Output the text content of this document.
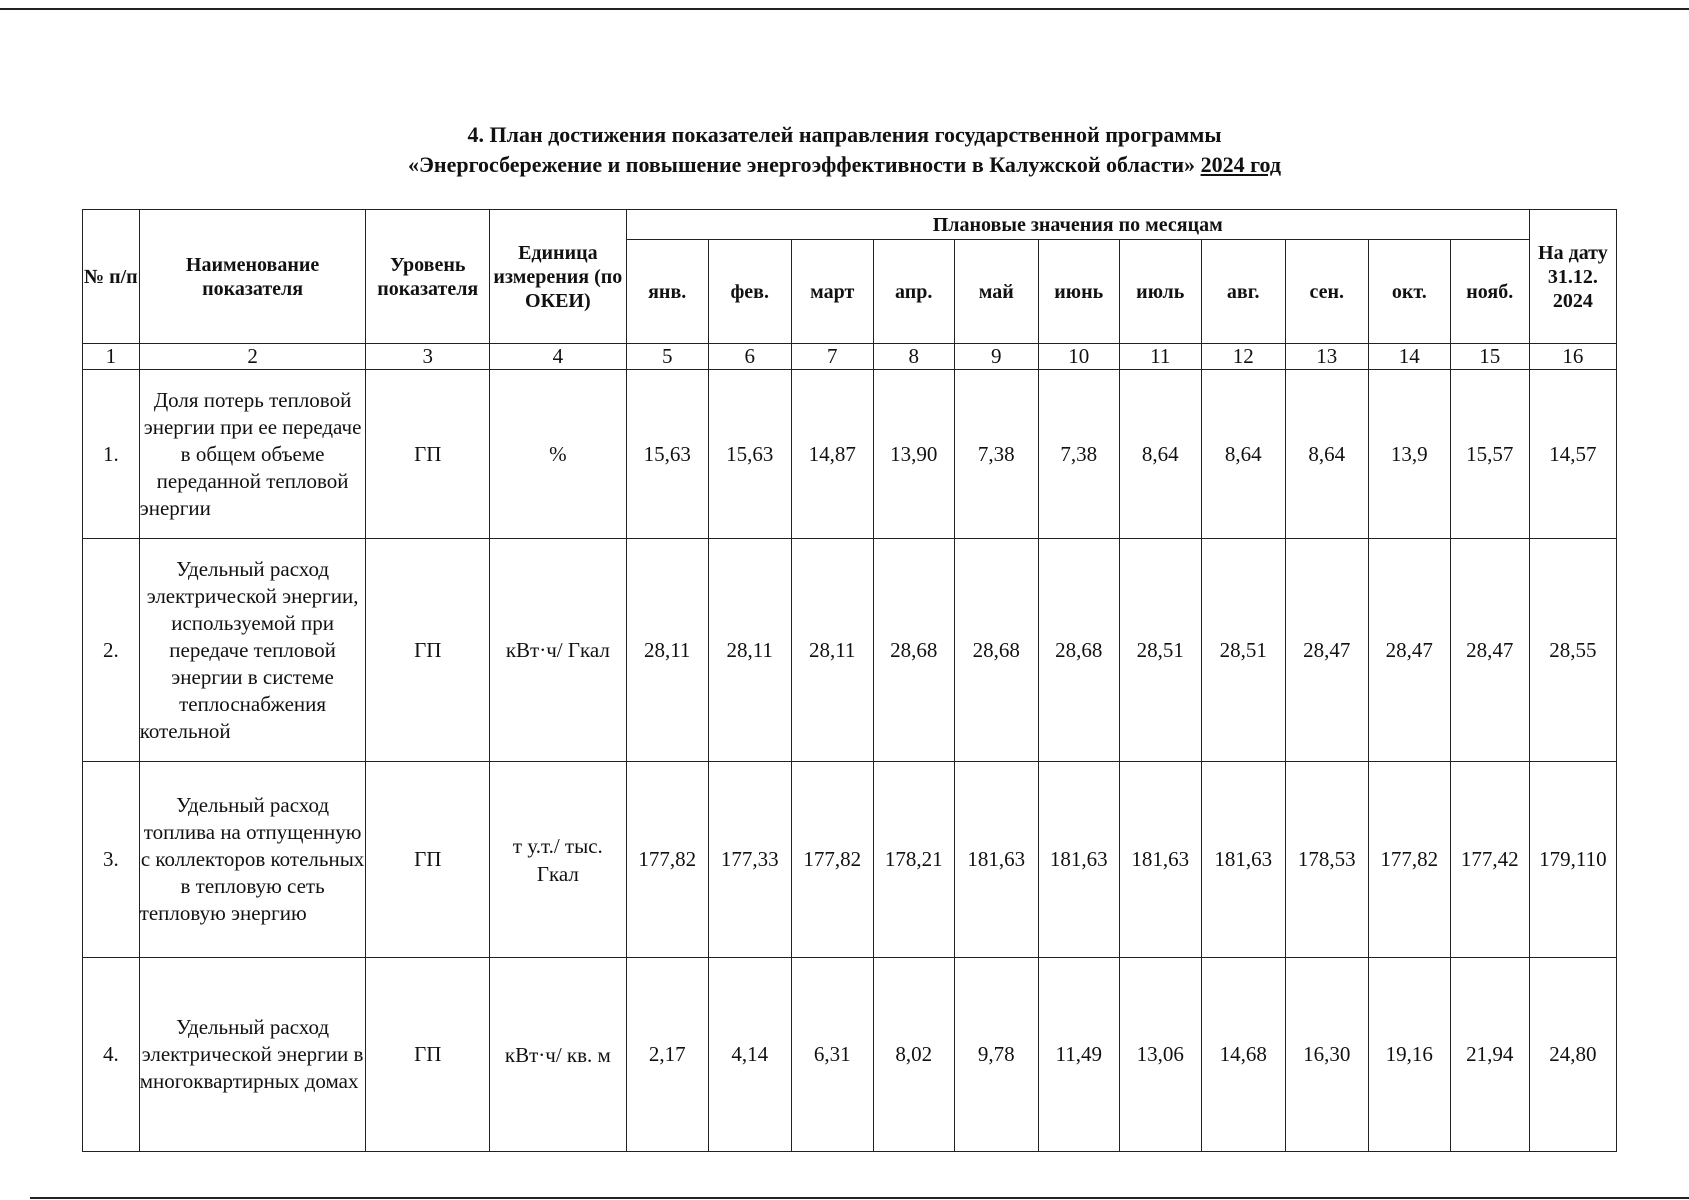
4. План достижения показателей направления государственной программы
«Энергосбережение и повышение энергоэффективности в Калужской области» 2024 год
№ п/п	Наименование показателя	Уровень показателя	Единица измерения (по ОКЕИ)	Плановые значения по месяцам											На дату 31.12. 2024
				янв.	фев.	март	апр.	май	июнь	июль	авг.	сен.	окт.	нояб.	
1	2	3	4	5	6	7	8	9	10	11	12	13	14	15	16
1.	Доля потерь тепловой энергии при ее передаче в общем объеме переданной тепловой энергии	ГП	%	15,63	15,63	14,87	13,90	7,38	7,38	8,64	8,64	8,64	13,9	15,57	14,57
2.	Удельный расход электрической энергии, используемой при передаче тепловой энергии в системе теплоснабжения котельной	ГП	кВт·ч/ Гкал	28,11	28,11	28,11	28,68	28,68	28,68	28,51	28,51	28,47	28,47	28,47	28,55
3.	Удельный расход топлива на отпущенную с коллекторов котельных в тепловую сеть тепловую энергию	ГП	т у.т./ тыс. Гкал	177,82	177,33	177,82	178,21	181,63	181,63	181,63	181,63	178,53	177,82	177,42	179,110
4.	Удельный расход электрической энергии в многоквартирных домах	ГП	кВт·ч/ кв. м	2,17	4,14	6,31	8,02	9,78	11,49	13,06	14,68	16,30	19,16	21,94	24,80
